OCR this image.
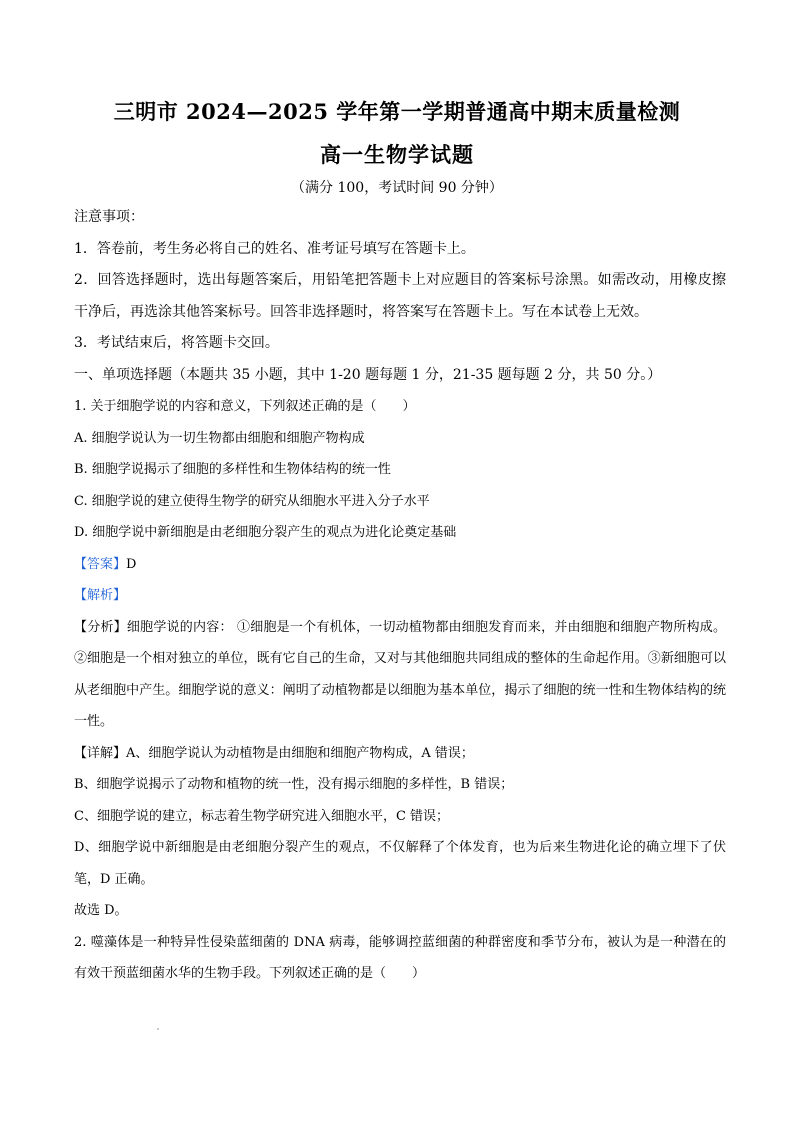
三明市 2024—2025 学年第一学期普通高中期末质量检测
高一生物学试题
（满分 100，考试时间 90 分钟）

注意事项：

1．答卷前，考生务必将自己的姓名、准考证号填写在答题卡上。

2．回答选择题时，选出每题答案后，用铅笔把答题卡上对应题目的答案标号涂黑。如需改动，用橡皮擦干净后，再选涂其他答案标号。回答非选择题时，将答案写在答题卡上。写在本试卷上无效。

3．考试结束后，将答题卡交回。

一、单项选择题（本题共 35 小题，其中 1-20 题每题 1 分，21-35 题每题 2 分，共 50 分。）

1. 关于细胞学说的内容和意义，下列叙述正确的是（　　）

A. 细胞学说认为一切生物都由细胞和细胞产物构成

B. 细胞学说揭示了细胞的多样性和生物体结构的统一性

C. 细胞学说的建立使得生物学的研究从细胞水平进入分子水平

D. 细胞学说中新细胞是由老细胞分裂产生的观点为进化论奠定基础

【答案】D

【解析】

【分析】细胞学说的内容： ①细胞是一个有机体，一切动植物都由细胞发育而来，并由细胞和细胞产物所构成。②细胞是一个相对独立的单位，既有它自己的生命，又对与其他细胞共同组成的整体的生命起作用。③新细胞可以从老细胞中产生。细胞学说的意义：阐明了动植物都是以细胞为基本单位，揭示了细胞的统一性和生物体结构的统一性。

【详解】A、细胞学说认为动植物是由细胞和细胞产物构成，A 错误；

B、细胞学说揭示了动物和植物的统一性，没有揭示细胞的多样性，B 错误；

C、细胞学说的建立，标志着生物学研究进入细胞水平，C 错误；

D、细胞学说中新细胞是由老细胞分裂产生的观点，不仅解释了个体发育，也为后来生物进化论的确立埋下了伏笔，D 正确。

故选 D。

2. 噬藻体是一种特异性侵染蓝细菌的 DNA 病毒，能够调控蓝细菌的种群密度和季节分布，被认为是一种潜在的有效干预蓝细菌水华的生物手段。下列叙述正确的是（　　）
